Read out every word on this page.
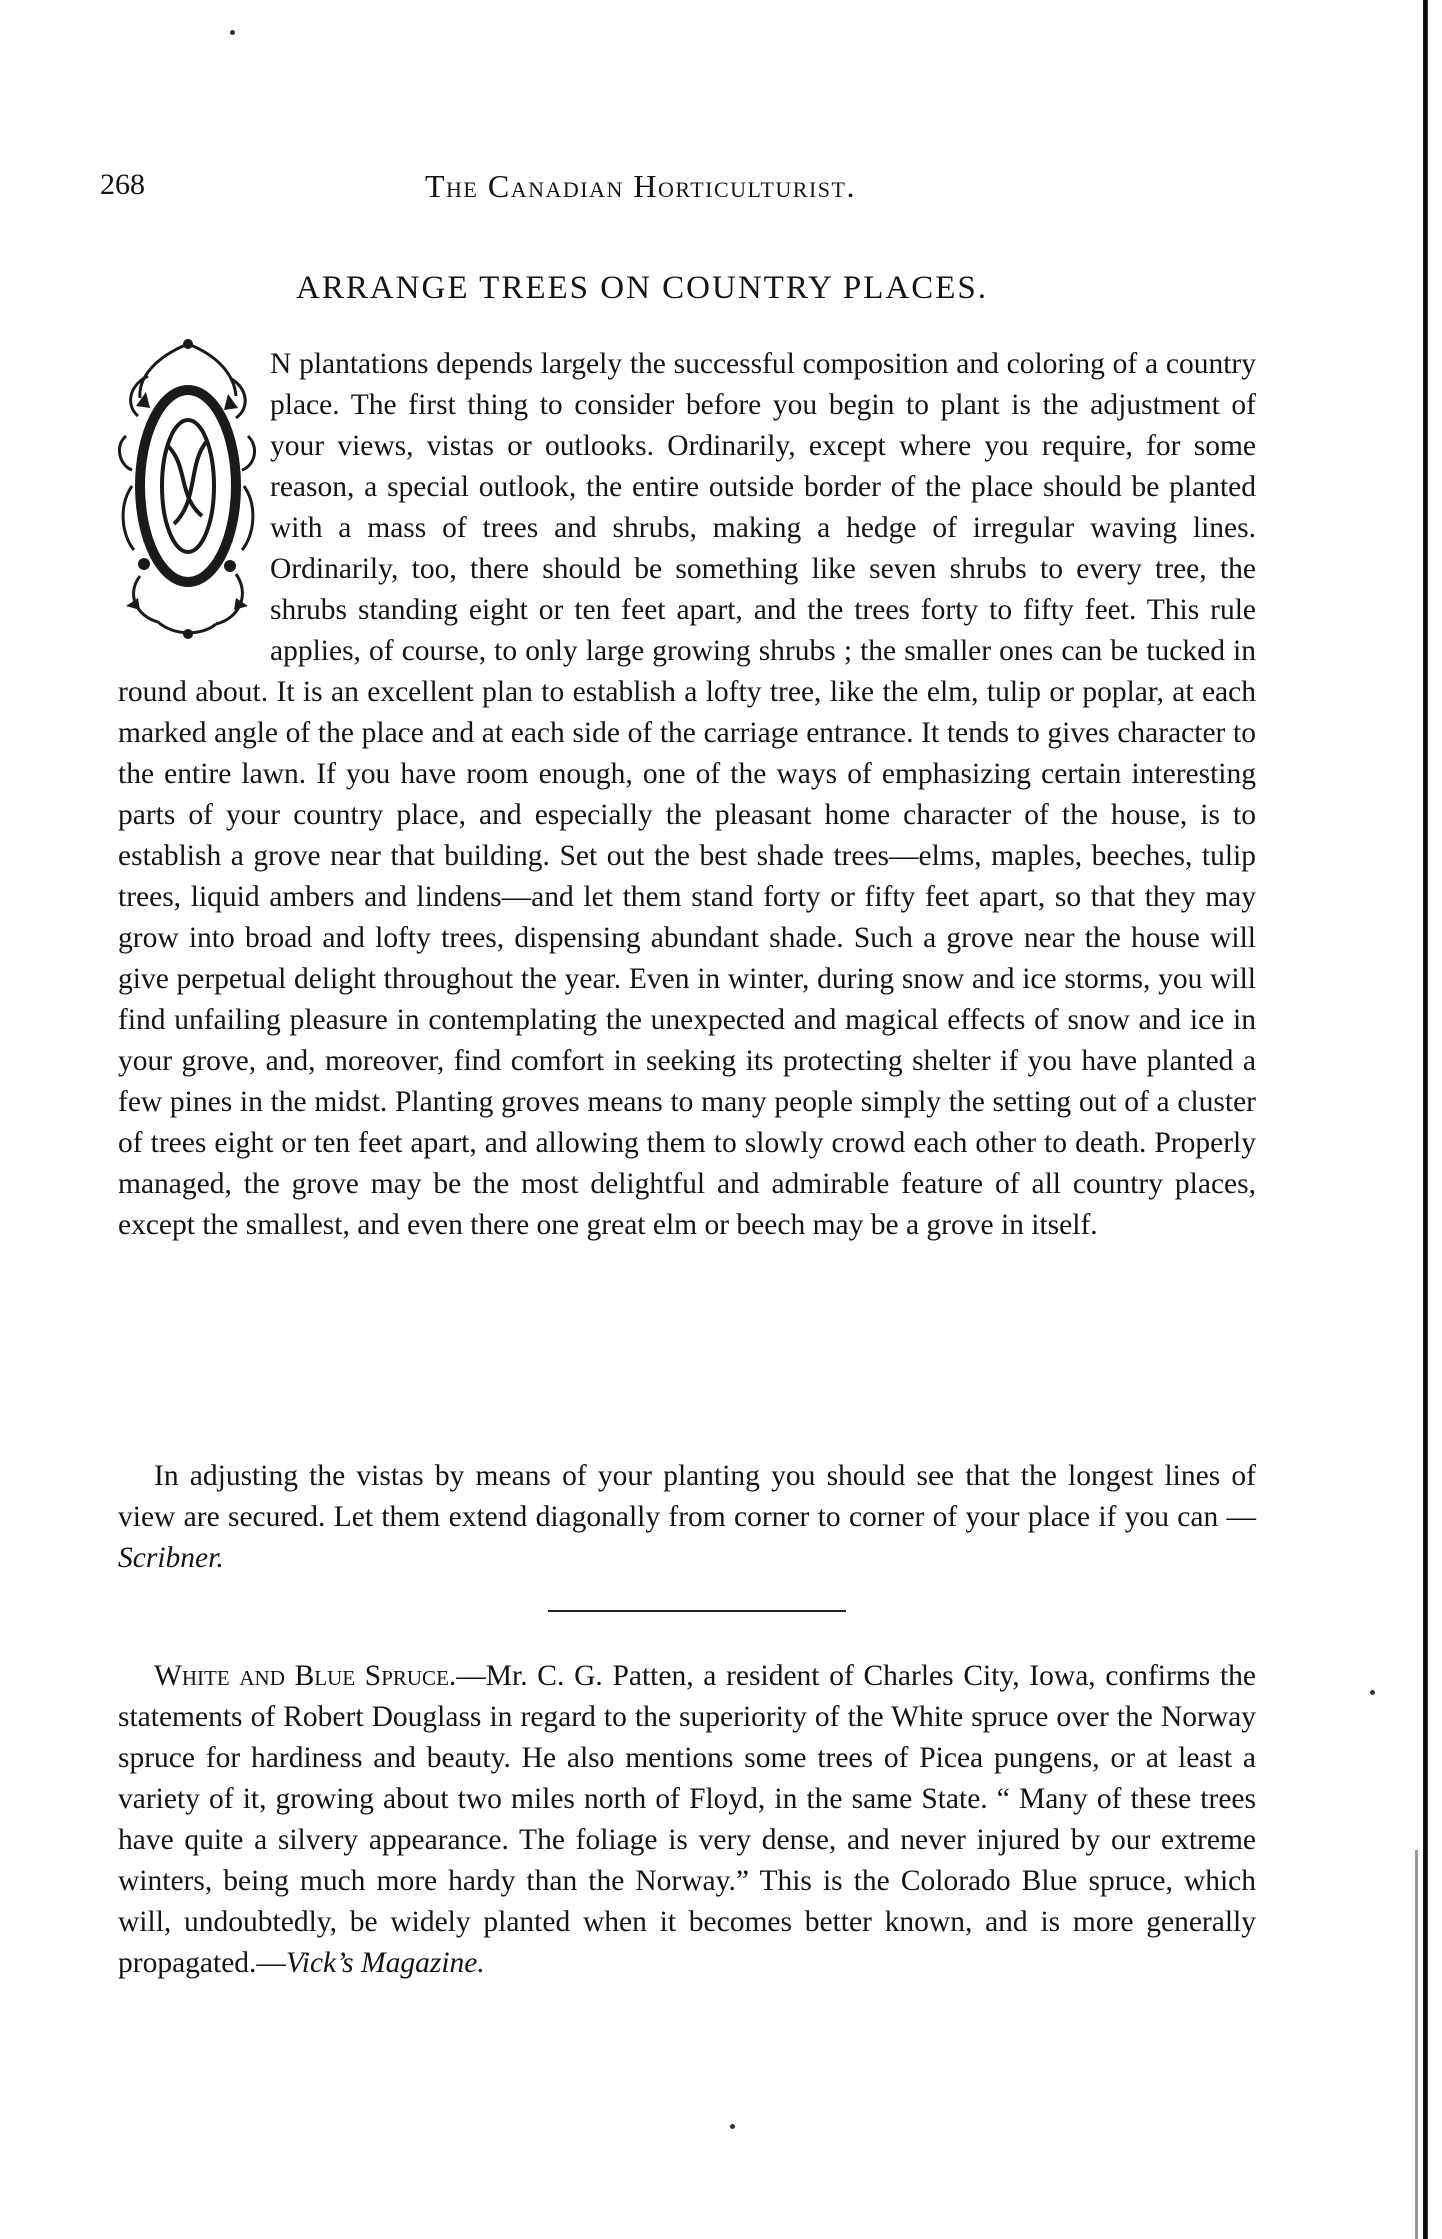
268	The Canadian Horticulturist.
ARRANGE TREES ON COUNTRY PLACES.
N plantations depends largely the successful composition and coloring of a country place. The first thing to consider before you begin to plant is the adjustment of your views, vistas or outlooks. Ordinarily, except where you require, for some reason, a special outlook, the entire outside border of the place should be planted with a mass of trees and shrubs, making a hedge of irregular waving lines. Ordinarily, too, there should be something like seven shrubs to every tree, the shrubs standing eight or ten feet apart, and the trees forty to fifty feet. This rule applies, of course, to only large growing shrubs ; the smaller ones can be tucked in round about. It is an excellent plan to establish a lofty tree, like the elm, tulip or poplar, at each marked angle of the place and at each side of the carriage entrance. It tends to gives character to the entire lawn. If you have room enough, one of the ways of emphasizing certain interesting parts of your country place, and especially the pleasant home character of the house, is to establish a grove near that building. Set out the best shade trees—elms, maples, beeches, tulip trees, liquid ambers and lindens—and let them stand forty or fifty feet apart, so that they may grow into broad and lofty trees, dispensing abundant shade. Such a grove near the house will give perpetual delight throughout the year. Even in winter, during snow and ice storms, you will find unfailing pleasure in contemplating the unexpected and magical effects of snow and ice in your grove, and, moreover, find comfort in seeking its protecting shelter if you have planted a few pines in the midst. Planting groves means to many people simply the setting out of a cluster of trees eight or ten feet apart, and allowing them to slowly crowd each other to death. Properly managed, the grove may be the most delightful and admirable feature of all country places, except the smallest, and even there one great elm or beech may be a grove in itself.
In adjusting the vistas by means of your planting you should see that the longest lines of view are secured. Let them extend diagonally from corner to corner of your place if you can —Scribner.
White and Blue Spruce.—Mr. C. G. Patten, a resident of Charles City, Iowa, confirms the statements of Robert Douglass in regard to the superiority of the White spruce over the Norway spruce for hardiness and beauty. He also mentions some trees of Picea pungens, or at least a variety of it, growing about two miles north of Floyd, in the same State. “ Many of these trees have quite a silvery appearance. The foliage is very dense, and never injured by our extreme winters, being much more hardy than the Norway.” This is the Colorado Blue spruce, which will, undoubtedly, be widely planted when it becomes better known, and is more generally propagated.—Vick’s Magazine.
